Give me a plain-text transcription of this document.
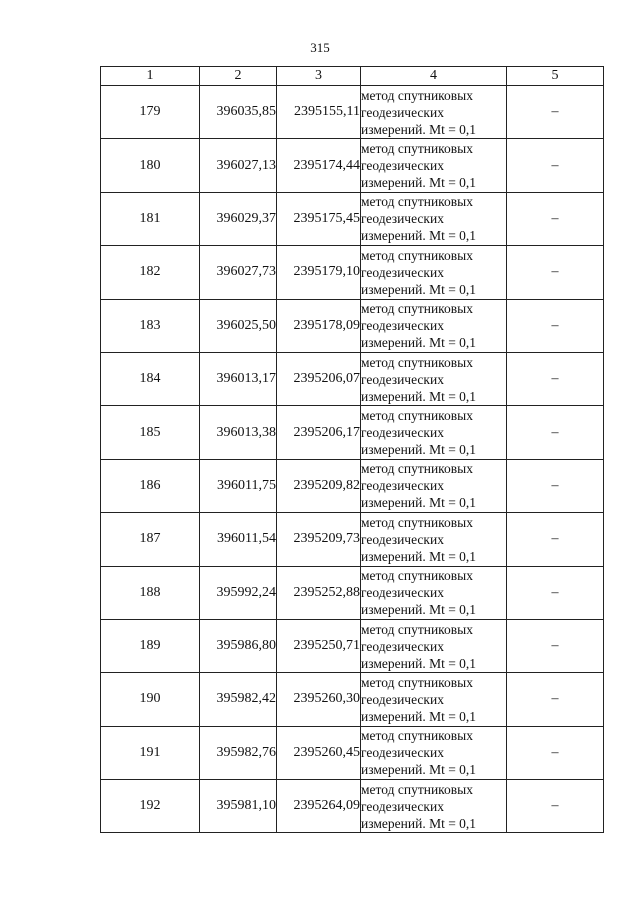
315
1	2	3	4	5
179	396035,85	2395155,11	метод спутниковых
геодезических
измерений. Mt = 0,1	–
180	396027,13	2395174,44	метод спутниковых
геодезических
измерений. Mt = 0,1	–
181	396029,37	2395175,45	метод спутниковых
геодезических
измерений. Mt = 0,1	–
182	396027,73	2395179,10	метод спутниковых
геодезических
измерений. Mt = 0,1	–
183	396025,50	2395178,09	метод спутниковых
геодезических
измерений. Mt = 0,1	–
184	396013,17	2395206,07	метод спутниковых
геодезических
измерений. Mt = 0,1	–
185	396013,38	2395206,17	метод спутниковых
геодезических
измерений. Mt = 0,1	–
186	396011,75	2395209,82	метод спутниковых
геодезических
измерений. Mt = 0,1	–
187	396011,54	2395209,73	метод спутниковых
геодезических
измерений. Mt = 0,1	–
188	395992,24	2395252,88	метод спутниковых
геодезических
измерений. Mt = 0,1	–
189	395986,80	2395250,71	метод спутниковых
геодезических
измерений. Mt = 0,1	–
190	395982,42	2395260,30	метод спутниковых
геодезических
измерений. Mt = 0,1	–
191	395982,76	2395260,45	метод спутниковых
геодезических
измерений. Mt = 0,1	–
192	395981,10	2395264,09	метод спутниковых
геодезических
измерений. Mt = 0,1	–
